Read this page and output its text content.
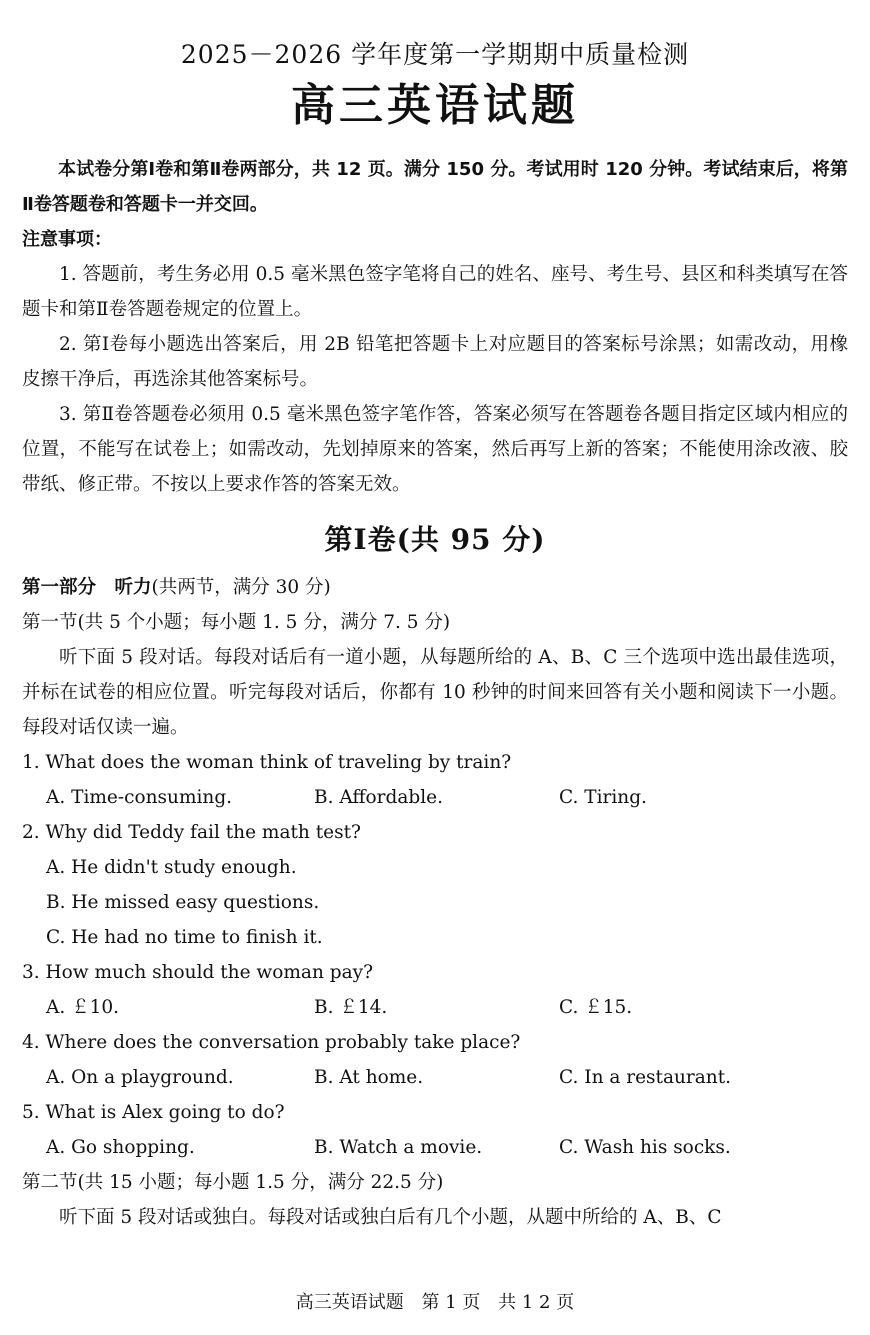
2025－2026 学年度第一学期期中质量检测
高三英语试题

本试卷分第Ⅰ卷和第Ⅱ卷两部分，共 12 页。满分 150 分。考试用时 120 分钟。考试结束后，将第Ⅱ卷答题卷和答题卡一并交回。

注意事项：

1. 答题前，考生务必用 0.5 毫米黑色签字笔将自己的姓名、座号、考生号、县区和科类填写在答题卡和第Ⅱ卷答题卷规定的位置上。

2. 第Ⅰ卷每小题选出答案后，用 2B 铅笔把答题卡上对应题目的答案标号涂黑；如需改动，用橡皮擦干净后，再选涂其他答案标号。

3. 第Ⅱ卷答题卷必须用 0.5 毫米黑色签字笔作答，答案必须写在答题卷各题目指定区域内相应的位置，不能写在试卷上；如需改动，先划掉原来的答案，然后再写上新的答案；不能使用涂改液、胶带纸、修正带。不按以上要求作答的答案无效。

第Ⅰ卷(共 95 分)

第一部分　听力(共两节，满分 30 分)

第一节(共 5 个小题；每小题 1. 5 分，满分 7. 5 分)

听下面 5 段对话。每段对话后有一道小题，从每题所给的 A、B、C 三个选项中选出最佳选项，并标在试卷的相应位置。听完每段对话后，你都有 10 秒钟的时间来回答有关小题和阅读下一小题。每段对话仅读一遍。

1. What does the woman think of traveling by train?

A. Time-consuming.	B. Affordable.	C. Tiring.

2. Why did Teddy fail the math test?

A. He didn't study enough.
B. He missed easy questions.
C. He had no time to finish it.

3. How much should the woman pay?

A. ￡10.	B. ￡14.	C. ￡15.

4. Where does the conversation probably take place?

A. On a playground.	B. At home.	C. In a restaurant.

5. What is Alex going to do?

A. Go shopping.	B. Watch a movie.	C. Wash his socks.

第二节(共 15 小题；每小题 1.5 分，满分 22.5 分)

听下面 5 段对话或独白。每段对话或独白后有几个小题，从题中所给的 A、B、C

高三英语试题 第 1 页 共 1 2 页
